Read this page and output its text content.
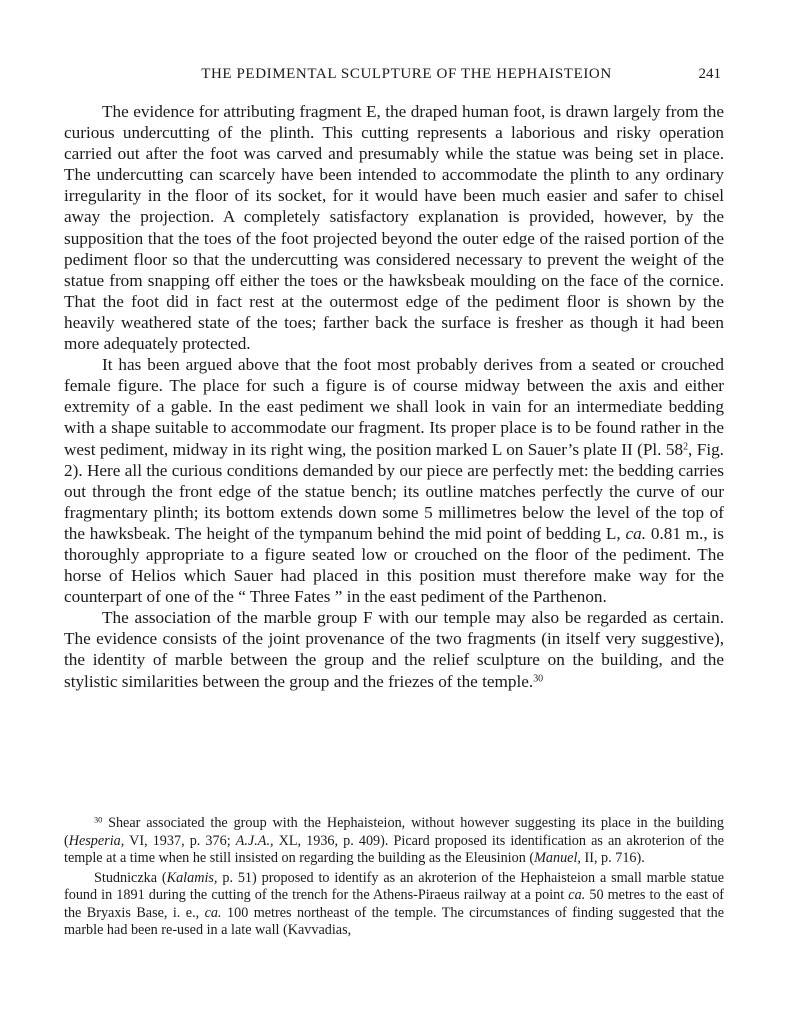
THE PEDIMENTAL SCULPTURE OF THE HEPHAISTEION	241

The evidence for attributing fragment E, the draped human foot, is drawn largely from the curious undercutting of the plinth. This cutting represents a laborious and risky operation carried out after the foot was carved and presumably while the statue was being set in place. The undercutting can scarcely have been intended to accommodate the plinth to any ordinary irregularity in the floor of its socket, for it would have been much easier and safer to chisel away the projection. A completely satisfactory explanation is provided, however, by the supposition that the toes of the foot projected beyond the outer edge of the raised portion of the pediment floor so that the undercutting was considered necessary to prevent the weight of the statue from snapping off either the toes or the hawksbeak moulding on the face of the cornice. That the foot did in fact rest at the outermost edge of the pediment floor is shown by the heavily weathered state of the toes; farther back the surface is fresher as though it had been more adequately protected.

It has been argued above that the foot most probably derives from a seated or crouched female figure. The place for such a figure is of course midway between the axis and either extremity of a gable. In the east pediment we shall look in vain for an intermediate bedding with a shape suitable to accommodate our fragment. Its proper place is to be found rather in the west pediment, midway in its right wing, the position marked L on Sauer’s plate II (Pl. $58^2$, Fig. 2). Here all the curious conditions demanded by our piece are perfectly met: the bedding carries out through the front edge of the statue bench; its outline matches perfectly the curve of our fragmentary plinth; its bottom extends down some 5 millimetres below the level of the top of the hawksbeak. The height of the tympanum behind the mid point of bedding L, ca. 0.81 m., is thoroughly appropriate to a figure seated low or crouched on the floor of the pediment. The horse of Helios which Sauer had placed in this position must therefore make way for the counterpart of one of the “ Three Fates ” in the east pediment of the Parthenon.

The association of the marble group F with our temple may also be regarded as certain. The evidence consists of the joint provenance of the two fragments (in itself very suggestive), the identity of marble between the group and the relief sculpture on the building, and the stylistic similarities between the group and the friezes of the temple.$^{30}$

$^{30}$ Shear associated the group with the Hephaisteion, without however suggesting its place in the building (Hesperia, VI, 1937, p. 376; A.J.A., XL, 1936, p. 409). Picard proposed its identification as an akroterion of the temple at a time when he still insisted on regarding the building as the Eleusinion (Manuel, II, p. 716).

Studniczka (Kalamis, p. 51) proposed to identify as an akroterion of the Hephaisteion a small marble statue found in 1891 during the cutting of the trench for the Athens-Piraeus railway at a point ca. 50 metres to the east of the Bryaxis Base, i. e., ca. 100 metres northeast of the temple. The circumstances of finding suggested that the marble had been re-used in a late wall (Kavvadias,
